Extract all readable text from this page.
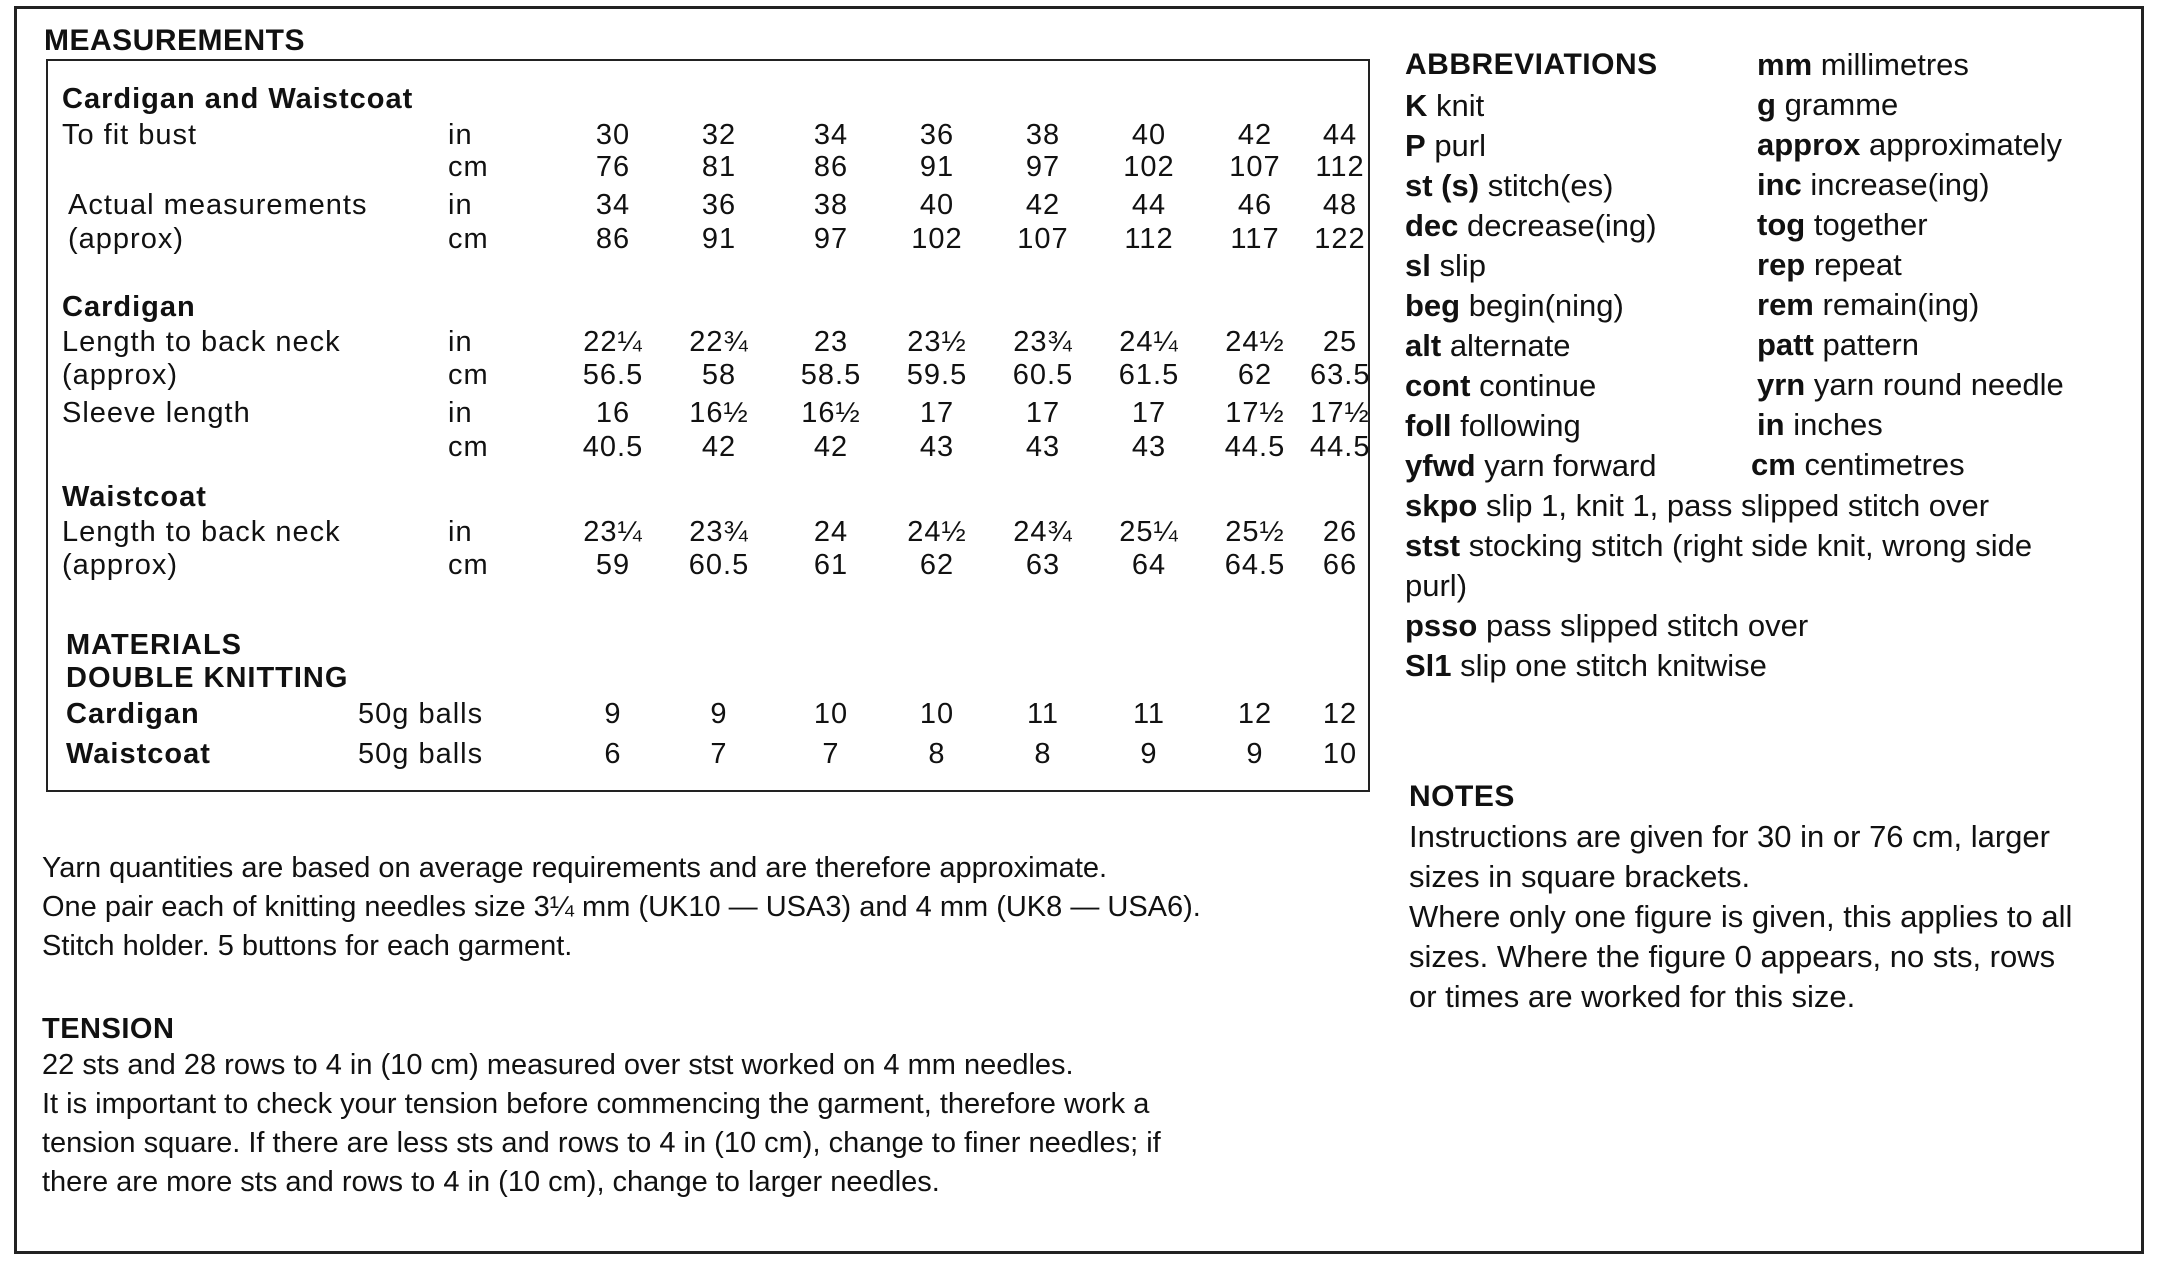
MEASUREMENTS
Cardigan and Waistcoat
To fit bust	in	30	32	34	36	38	40	42	44
cm	76	81	86	91	97	102	107	112
Actual measurements	in	34	36	38	40	42	44	46	48
(approx)	cm	86	91	97	102	107	112	117	122
Cardigan
Length to back neck	in	22¼	22¾	23	23½	23¾	24¼	24½	25
(approx)	cm	56.5	58	58.5	59.5	60.5	61.5	62	63.5
Sleeve length	in	16	16½	16½	17	17	17	17½ 17½
cm	40.5	42	42	43	43	43	44.5 44.5
Waistcoat
Length to back neck	in	23¼	23¾	24	24½	24¾	25¼	25½	26
(approx)	cm	59	60.5	61	62	63	64	64.5	66
MATERIALS
DOUBLE KNITTING
Cardigan	50g balls	9	9	10	10	11	11	12	12
Waistcoat	50g balls	6	7	7	8	8	9	9	10
Yarn quantities are based on average requirements and are therefore approximate.
One pair each of knitting needles size 3¼ mm (UK10 — USA3) and 4 mm (UK8 — USA6).
Stitch holder. 5 buttons for each garment.
TENSION
22 sts and 28 rows to 4 in (10 cm) measured over stst worked on 4 mm needles.
It is important to check your tension before commencing the garment, therefore work a
tension square. If there are less sts and rows to 4 in (10 cm), change to finer needles; if
there are more sts and rows to 4 in (10 cm), change to larger needles.
ABBREVIATIONS
K knit
P purl
st (s) stitch(es)
dec decrease(ing)
sl slip
beg begin(ning)
alt alternate
cont continue
foll following
yfwd yarn forward
mm millimetres
g gramme
approx approximately
inc increase(ing)
tog together
rep repeat
rem remain(ing)
patt pattern
yrn yarn round needle
in inches
cm centimetres
skpo slip 1, knit 1, pass slipped stitch over
stst stocking stitch (right side knit, wrong side
purl)
psso pass slipped stitch over
Sl1 slip one stitch knitwise
NOTES
Instructions are given for 30 in or 76 cm, larger
sizes in square brackets.
Where only one figure is given, this applies to all
sizes. Where the figure 0 appears, no sts, rows
or times are worked for this size.
